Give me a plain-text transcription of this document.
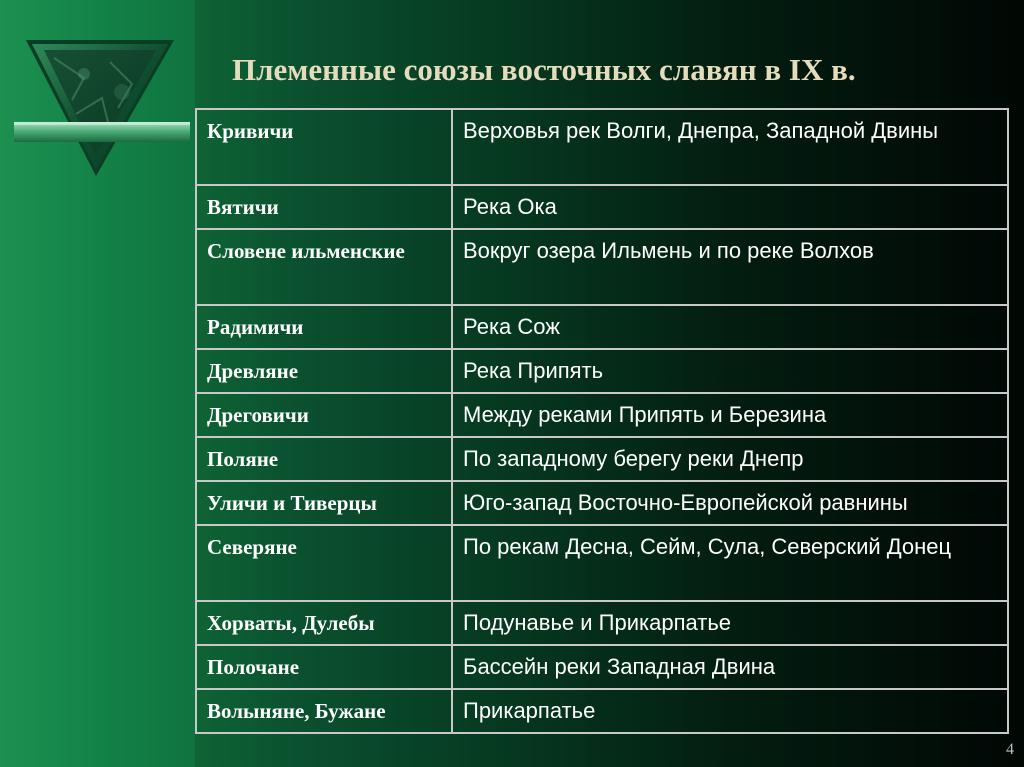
Племенные союзы восточных славян в IX в.
Кривичи	Верховья рек Волги, Днепра, Западной Двины
Вятичи	Река Ока
Словене ильменские	Вокруг озера Ильмень и по реке Волхов
Радимичи	Река Сож
Древляне	Река Припять
Дреговичи	Между реками Припять и Березина
Поляне	По западному берегу реки Днепр
Уличи и Тиверцы	Юго-запад Восточно-Европейской равнины
Северяне	По рекам Десна, Сейм, Сула, Северский Донец
Хорваты, Дулебы	Подунавье и Прикарпатье
Полочане	Бассейн реки Западная Двина
Волыняне, Бужане	Прикарпатье
4
